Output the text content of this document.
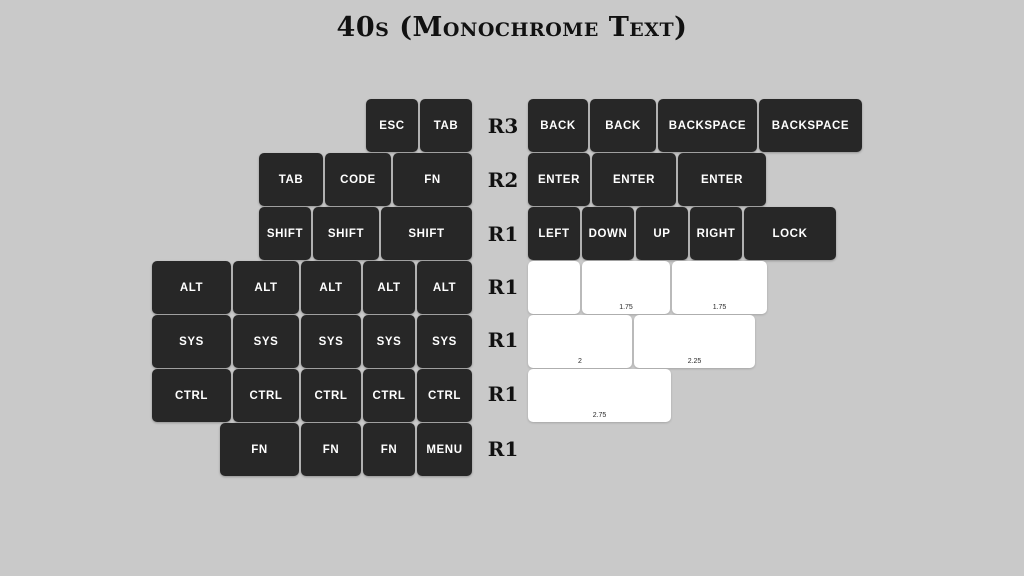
40s (Monochrome Text)
ESC	TAB
TAB	CODE	FN
SHIFT SHIFT	SHIFT
ALT	ALT	ALT	ALT	ALT
SYS	SYS	SYS	SYS	SYS
CTRL	CTRL	CTRL CTRL CTRL
FN	FN	FN	MENU
BACK	BACK BACKSPACE BACKSPACE
ENTER	ENTER	ENTER
LEFT DOWN UP RIGHT	LOCK
1.75	1.75
2	2.25
2.75
R3
R2
R1
R1
R1
R1
R1
